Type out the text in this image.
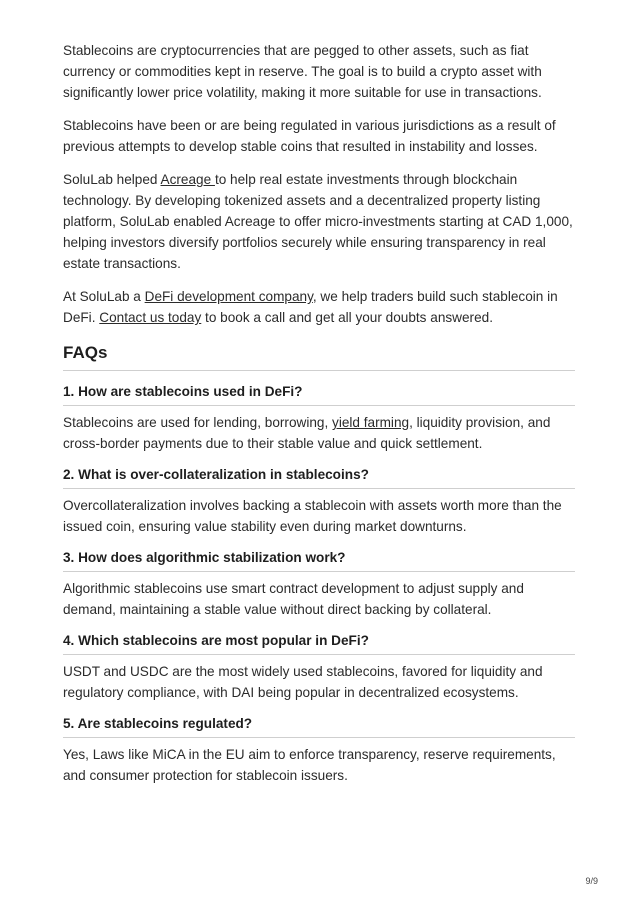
Stablecoins are cryptocurrencies that are pegged to other assets, such as fiat currency or commodities kept in reserve. The goal is to build a crypto asset with significantly lower price volatility, making it more suitable for use in transactions.

Stablecoins have been or are being regulated in various jurisdictions as a result of previous attempts to develop stable coins that resulted in instability and losses.

SoluLab helped Acreage to help real estate investments through blockchain technology. By developing tokenized assets and a decentralized property listing platform, SoluLab enabled Acreage to offer micro-investments starting at CAD 1,000, helping investors diversify portfolios securely while ensuring transparency in real estate transactions.

At SoluLab a DeFi development company, we help traders build such stablecoin in DeFi. Contact us today to book a call and get all your doubts answered.

FAQs
1. How are stablecoins used in DeFi?

Stablecoins are used for lending, borrowing, yield farming, liquidity provision, and cross-border payments due to their stable value and quick settlement.

2. What is over-collateralization in stablecoins?

Overcollateralization involves backing a stablecoin with assets worth more than the issued coin, ensuring value stability even during market downturns.

3. How does algorithmic stabilization work?

Algorithmic stablecoins use smart contract development to adjust supply and demand, maintaining a stable value without direct backing by collateral.

4. Which stablecoins are most popular in DeFi?

USDT and USDC are the most widely used stablecoins, favored for liquidity and regulatory compliance, with DAI being popular in decentralized ecosystems.

5. Are stablecoins regulated?

Yes, Laws like MiCA in the EU aim to enforce transparency, reserve requirements, and consumer protection for stablecoin issuers.

9/9
